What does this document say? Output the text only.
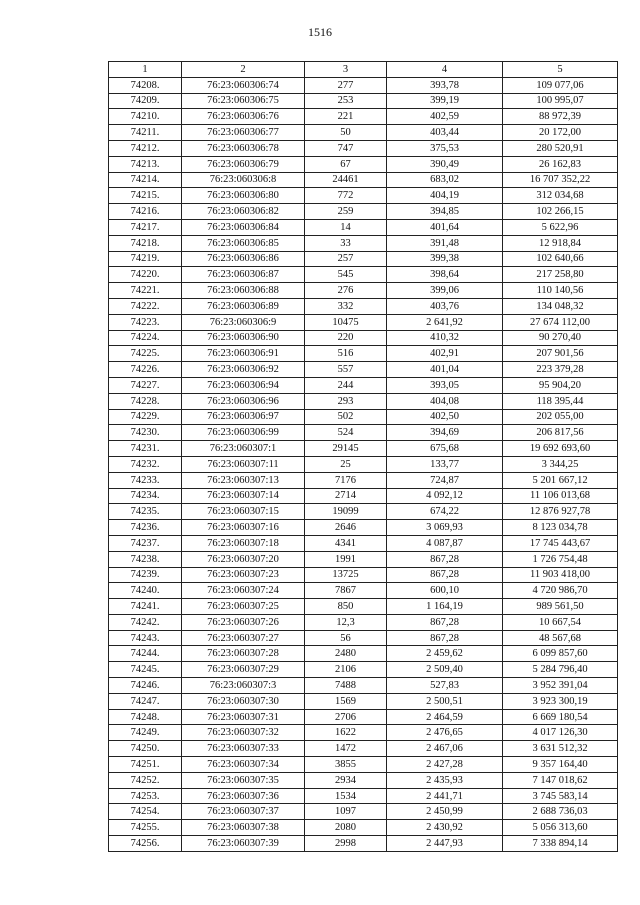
1516
1	2	3	4	5
74208.	76:23:060306:74	277	393,78	109 077,06
74209.	76:23:060306:75	253	399,19	100 995,07
74210.	76:23:060306:76	221	402,59	88 972,39
74211.	76:23:060306:77	50	403,44	20 172,00
74212.	76:23:060306:78	747	375,53	280 520,91
74213.	76:23:060306:79	67	390,49	26 162,83
74214.	76:23:060306:8	24461	683,02	16 707 352,22
74215.	76:23:060306:80	772	404,19	312 034,68
74216.	76:23:060306:82	259	394,85	102 266,15
74217.	76:23:060306:84	14	401,64	5 622,96
74218.	76:23:060306:85	33	391,48	12 918,84
74219.	76:23:060306:86	257	399,38	102 640,66
74220.	76:23:060306:87	545	398,64	217 258,80
74221.	76:23:060306:88	276	399,06	110 140,56
74222.	76:23:060306:89	332	403,76	134 048,32
74223.	76:23:060306:9	10475	2 641,92	27 674 112,00
74224.	76:23:060306:90	220	410,32	90 270,40
74225.	76:23:060306:91	516	402,91	207 901,56
74226.	76:23:060306:92	557	401,04	223 379,28
74227.	76:23:060306:94	244	393,05	95 904,20
74228.	76:23:060306:96	293	404,08	118 395,44
74229.	76:23:060306:97	502	402,50	202 055,00
74230.	76:23:060306:99	524	394,69	206 817,56
74231.	76:23:060307:1	29145	675,68	19 692 693,60
74232.	76:23:060307:11	25	133,77	3 344,25
74233.	76:23:060307:13	7176	724,87	5 201 667,12
74234.	76:23:060307:14	2714	4 092,12	11 106 013,68
74235.	76:23:060307:15	19099	674,22	12 876 927,78
74236.	76:23:060307:16	2646	3 069,93	8 123 034,78
74237.	76:23:060307:18	4341	4 087,87	17 745 443,67
74238.	76:23:060307:20	1991	867,28	1 726 754,48
74239.	76:23:060307:23	13725	867,28	11 903 418,00
74240.	76:23:060307:24	7867	600,10	4 720 986,70
74241.	76:23:060307:25	850	1 164,19	989 561,50
74242.	76:23:060307:26	12,3	867,28	10 667,54
74243.	76:23:060307:27	56	867,28	48 567,68
74244.	76:23:060307:28	2480	2 459,62	6 099 857,60
74245.	76:23:060307:29	2106	2 509,40	5 284 796,40
74246.	76:23:060307:3	7488	527,83	3 952 391,04
74247.	76:23:060307:30	1569	2 500,51	3 923 300,19
74248.	76:23:060307:31	2706	2 464,59	6 669 180,54
74249.	76:23:060307:32	1622	2 476,65	4 017 126,30
74250.	76:23:060307:33	1472	2 467,06	3 631 512,32
74251.	76:23:060307:34	3855	2 427,28	9 357 164,40
74252.	76:23:060307:35	2934	2 435,93	7 147 018,62
74253.	76:23:060307:36	1534	2 441,71	3 745 583,14
74254.	76:23:060307:37	1097	2 450,99	2 688 736,03
74255.	76:23:060307:38	2080	2 430,92	5 056 313,60
74256.	76:23:060307:39	2998	2 447,93	7 338 894,14
